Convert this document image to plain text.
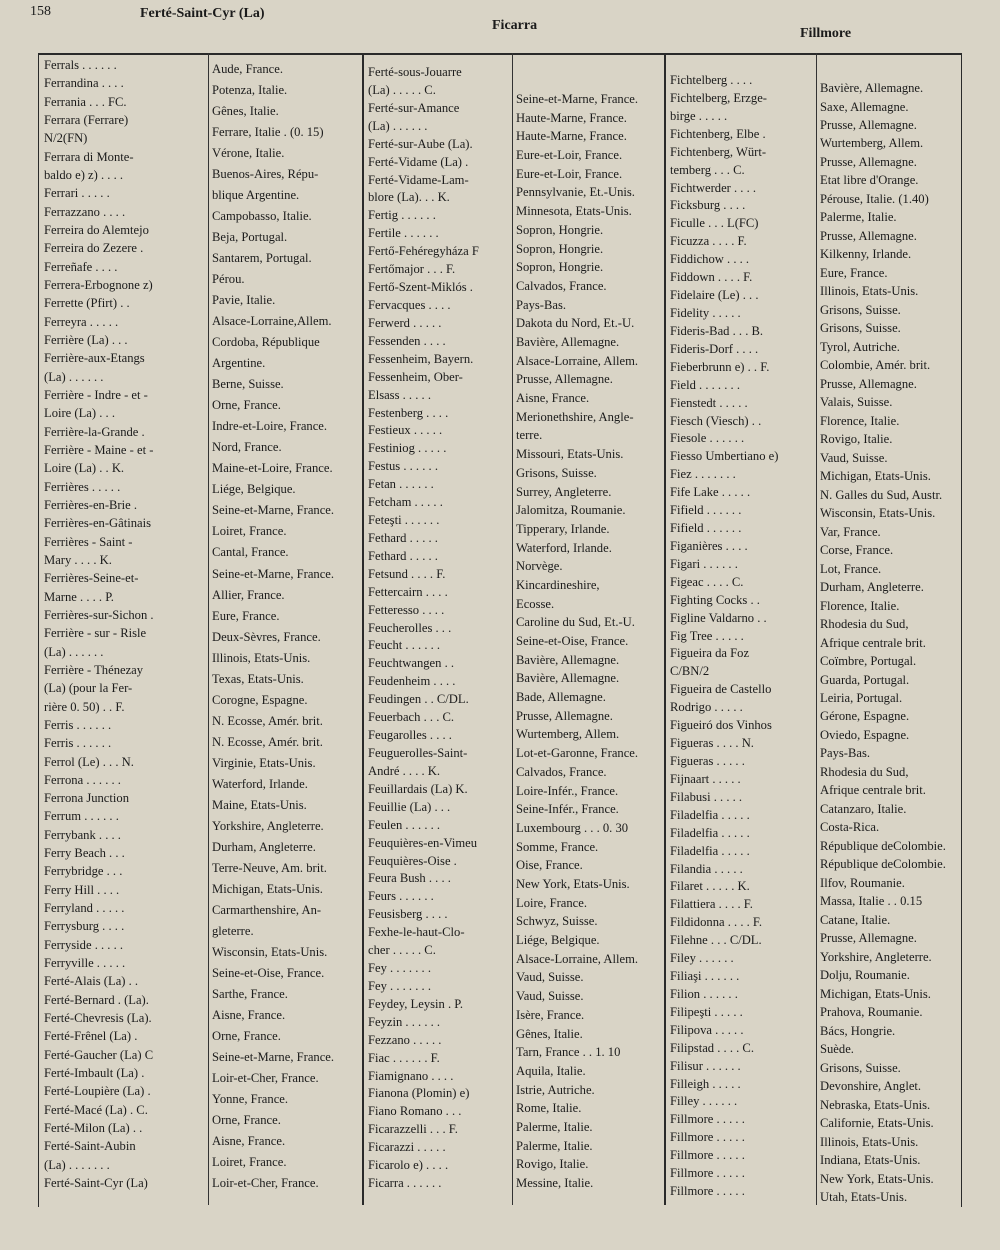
158	Ferté-Saint-Cyr (La)
Ficarra
Fillmore
Ferrals . . . . . .
Ferrandina . . . .
Ferrania . . . FC.
Ferrara (Ferrare)
N/2(FN)
Ferrara di Monte-
baldo e) z) . . . .
Ferrari . . . . .
Ferrazzano . . . .
Ferreira do Alemtejo
Ferreira do Zezere .
Ferreñafe . . . .
Ferrera-Erbognone z)
Ferrette (Pfirt) . .
Ferreyra . . . . .
Ferrière (La) . . .
Ferrière-aux-Etangs
(La) . . . . . .
Ferrière - Indre - et -
Loire (La) . . .
Ferrière-la-Grande .
Ferrière - Maine - et -
Loire (La) . . K.
Ferrières . . . . .
Ferrières-en-Brie .
Ferrières-en-Gâtinais
Ferrières - Saint -
Mary . . . . K.
Ferrières-Seine-et-
Marne . . . . P.
Ferrières-sur-Sichon .
Ferrière - sur - Risle
(La) . . . . . .
Ferrière - Thénezay
(La) (pour la Fer-
rière 0. 50) . . F.
Ferris . . . . . .
Ferris . . . . . .
Ferrol (Le) . . . N.
Ferrona . . . . . .
Ferrona Junction
Ferrum . . . . . .
Ferrybank . . . .
Ferry Beach . . .
Ferrybridge . . .
Ferry Hill . . . .
Ferryland . . . . .
Ferrysburg . . . .
Ferryside . . . . .
Ferryville . . . . .
Ferté-Alais (La) . .
Ferté-Bernard . (La).
Ferté-Chevresis (La).
Ferté-Frênel (La) .
Ferté-Gaucher (La) C
Ferté-Imbault (La) .
Ferté-Loupière (La) .
Ferté-Macé (La) . C.
Ferté-Milon (La) . .
Ferté-Saint-Aubin
(La) . . . . . . .
Ferté-Saint-Cyr (La)
Aude, France.
Potenza, Italie.
Gênes, Italie.
Ferrare, Italie . (0. 15)
Vérone, Italie.
Buenos-Aires, Répu-
blique Argentine.
Campobasso, Italie.
Beja, Portugal.
Santarem, Portugal.
Pérou.
Pavie, Italie.
Alsace-Lorraine,Allem.
Cordoba, République
Argentine.
Berne, Suisse.
Orne, France.
Indre-et-Loire, France.
Nord, France.
Maine-et-Loire, France.
Liége, Belgique.
Seine-et-Marne, France.
Loiret, France.
Cantal, France.
Seine-et-Marne, France.
Allier, France.
Eure, France.
Deux-Sèvres, France.
Illinois, Etats-Unis.
Texas, Etats-Unis.
Corogne, Espagne.
N. Ecosse, Amér. brit.
N. Ecosse, Amér. brit.
Virginie, Etats-Unis.
Waterford, Irlande.
Maine, Etats-Unis.
Yorkshire, Angleterre.
Durham, Angleterre.
Terre-Neuve, Am. brit.
Michigan, Etats-Unis.
Carmarthenshire, An-
gleterre.
Wisconsin, Etats-Unis.
Seine-et-Oise, France.
Sarthe, France.
Aisne, France.
Orne, France.
Seine-et-Marne, France.
Loir-et-Cher, France.
Yonne, France.
Orne, France.
Aisne, France.
Loiret, France.
Loir-et-Cher, France.
Ferté-sous-Jouarre
(La) . . . . . C.
Ferté-sur-Amance
(La) . . . . . .
Ferté-sur-Aube (La).
Ferté-Vidame (La) .
Ferté-Vidame-Lam-
blore (La). . . K.
Fertig . . . . . .
Fertile . . . . . .
Fertő-Fehéregyháza F
Fertőmajor . . . F.
Fertő-Szent-Miklós .
Fervacques . . . .
Ferwerd . . . . .
Fessenden . . . .
Fessenheim, Bayern.
Fessenheim, Ober-
Elsass . . . . .
Festenberg . . . .
Festieux . . . . .
Festiniog . . . . .
Festus . . . . . .
Fetan . . . . . .
Fetcham . . . . .
Feteşti . . . . . .
Fethard . . . . .
Fethard . . . . .
Fetsund . . . . F.
Fettercairn . . . .
Fetteresso . . . .
Feucherolles . . .
Feucht . . . . . .
Feuchtwangen . .
Feudenheim . . . .
Feudingen . . C/DL.
Feuerbach . . . C.
Feugarolles . . . .
Feuguerolles-Saint-
André . . . . K.
Feuillardais (La) K.
Feuillie (La) . . .
Feulen . . . . . .
Feuquières-en-Vimeu
Feuquières-Oise .
Feura Bush . . . .
Feurs . . . . . .
Feusisberg . . . .
Fexhe-le-haut-Clo-
cher . . . . . C.
Fey . . . . . . .
Fey . . . . . . .
Feydey, Leysin . P.
Feyzin . . . . . .
Fezzano . . . . .
Fiac . . . . . . F.
Fiamignano . . . .
Fianona (Plomin) e)
Fiano Romano . . .
Ficarazzelli . . . F.
Ficarazzi . . . . .
Ficarolo e) . . . .
Ficarra . . . . . .
Seine-et-Marne, France.
Haute-Marne, France.
Haute-Marne, France.
Eure-et-Loir, France.
Eure-et-Loir, France.
Pennsylvanie, Et.-Unis.
Minnesota, Etats-Unis.
Sopron, Hongrie.
Sopron, Hongrie.
Sopron, Hongrie.
Calvados, France.
Pays-Bas.
Dakota du Nord, Et.-U.
Bavière, Allemagne.
Alsace-Lorraine, Allem.
Prusse, Allemagne.
Aisne, France.
Merionethshire, Angle-
terre.
Missouri, Etats-Unis.
Grisons, Suisse.
Surrey, Angleterre.
Jalomitza, Roumanie.
Tipperary, Irlande.
Waterford, Irlande.
Norvège.
Kincardineshire,
Ecosse.
Caroline du Sud, Et.-U.
Seine-et-Oise, France.
Bavière, Allemagne.
Bavière, Allemagne.
Bade, Allemagne.
Prusse, Allemagne.
Wurtemberg, Allem.
Lot-et-Garonne, France.
Calvados, France.
Loire-Infér., France.
Seine-Infér., France.
Luxembourg . . . 0. 30
Somme, France.
Oise, France.
New York, Etats-Unis.
Loire, France.
Schwyz, Suisse.
Liége, Belgique.
Alsace-Lorraine, Allem.
Vaud, Suisse.
Vaud, Suisse.
Isère, France.
Gênes, Italie.
Tarn, France . . 1. 10
Aquila, Italie.
Istrie, Autriche.
Rome, Italie.
Palerme, Italie.
Palerme, Italie.
Rovigo, Italie.
Messine, Italie.
Fichtelberg . . . .
Fichtelberg, Erzge-
birge . . . . .
Fichtenberg, Elbe .
Fichtenberg, Würt-
temberg . . . C.
Fichtwerder . . . .
Ficksburg . . . .
Ficulle . . . L(FC)
Ficuzza . . . . F.
Fiddichow . . . .
Fiddown . . . . F.
Fidelaire (Le) . . .
Fidelity . . . . .
Fideris-Bad . . . B.
Fideris-Dorf . . . .
Fieberbrunn e) . . F.
Field . . . . . . .
Fienstedt . . . . .
Fiesch (Viesch) . .
Fiesole . . . . . .
Fiesso Umbertiano e)
Fiez . . . . . . .
Fife Lake . . . . .
Fifield . . . . . .
Fifield . . . . . .
Figanières . . . .
Figari . . . . . .
Figeac . . . . C.
Fighting Cocks . .
Figline Valdarno . .
Fig Tree . . . . .
Figueira da Foz
C/BN/2
Figueira de Castello
Rodrigo . . . . .
Figueiró dos Vinhos
Figueras . . . . N.
Figueras . . . . .
Fijnaart . . . . .
Filabusi . . . . .
Filadelfia . . . . .
Filadelfia . . . . .
Filadelfia . . . . .
Filandia . . . . .
Filaret . . . . . K.
Filattiera . . . . F.
Fildidonna . . . . F.
Filehne . . . C/DL.
Filey . . . . . .
Filiaşi . . . . . .
Filion . . . . . .
Filipeşti . . . . .
Filipova . . . . .
Filipstad . . . . C.
Filisur . . . . . .
Filleigh . . . . .
Filley . . . . . .
Fillmore . . . . .
Fillmore . . . . .
Fillmore . . . . .
Fillmore . . . . .
Fillmore . . . . .
Bavière, Allemagne.
Saxe, Allemagne.
Prusse, Allemagne.
Wurtemberg, Allem.
Prusse, Allemagne.
Etat libre d'Orange.
Pérouse, Italie. (1.40)
Palerme, Italie.
Prusse, Allemagne.
Kilkenny, Irlande.
Eure, France.
Illinois, Etats-Unis.
Grisons, Suisse.
Grisons, Suisse.
Tyrol, Autriche.
Colombie, Amér. brit.
Prusse, Allemagne.
Valais, Suisse.
Florence, Italie.
Rovigo, Italie.
Vaud, Suisse.
Michigan, Etats-Unis.
N. Galles du Sud, Austr.
Wisconsin, Etats-Unis.
Var, France.
Corse, France.
Lot, France.
Durham, Angleterre.
Florence, Italie.
Rhodesia du Sud,
Afrique centrale brit.
Coïmbre, Portugal.
Guarda, Portugal.
Leiria, Portugal.
Gérone, Espagne.
Oviedo, Espagne.
Pays-Bas.
Rhodesia du Sud,
Afrique centrale brit.
Catanzaro, Italie.
Costa-Rica.
République deColombie.
République deColombie.
Ilfov, Roumanie.
Massa, Italie . . 0.15
Catane, Italie.
Prusse, Allemagne.
Yorkshire, Angleterre.
Dolju, Roumanie.
Michigan, Etats-Unis.
Prahova, Roumanie.
Bács, Hongrie.
Suède.
Grisons, Suisse.
Devonshire, Anglet.
Nebraska, Etats-Unis.
Californie, Etats-Unis.
Illinois, Etats-Unis.
Indiana, Etats-Unis.
New York, Etats-Unis.
Utah, Etats-Unis.
